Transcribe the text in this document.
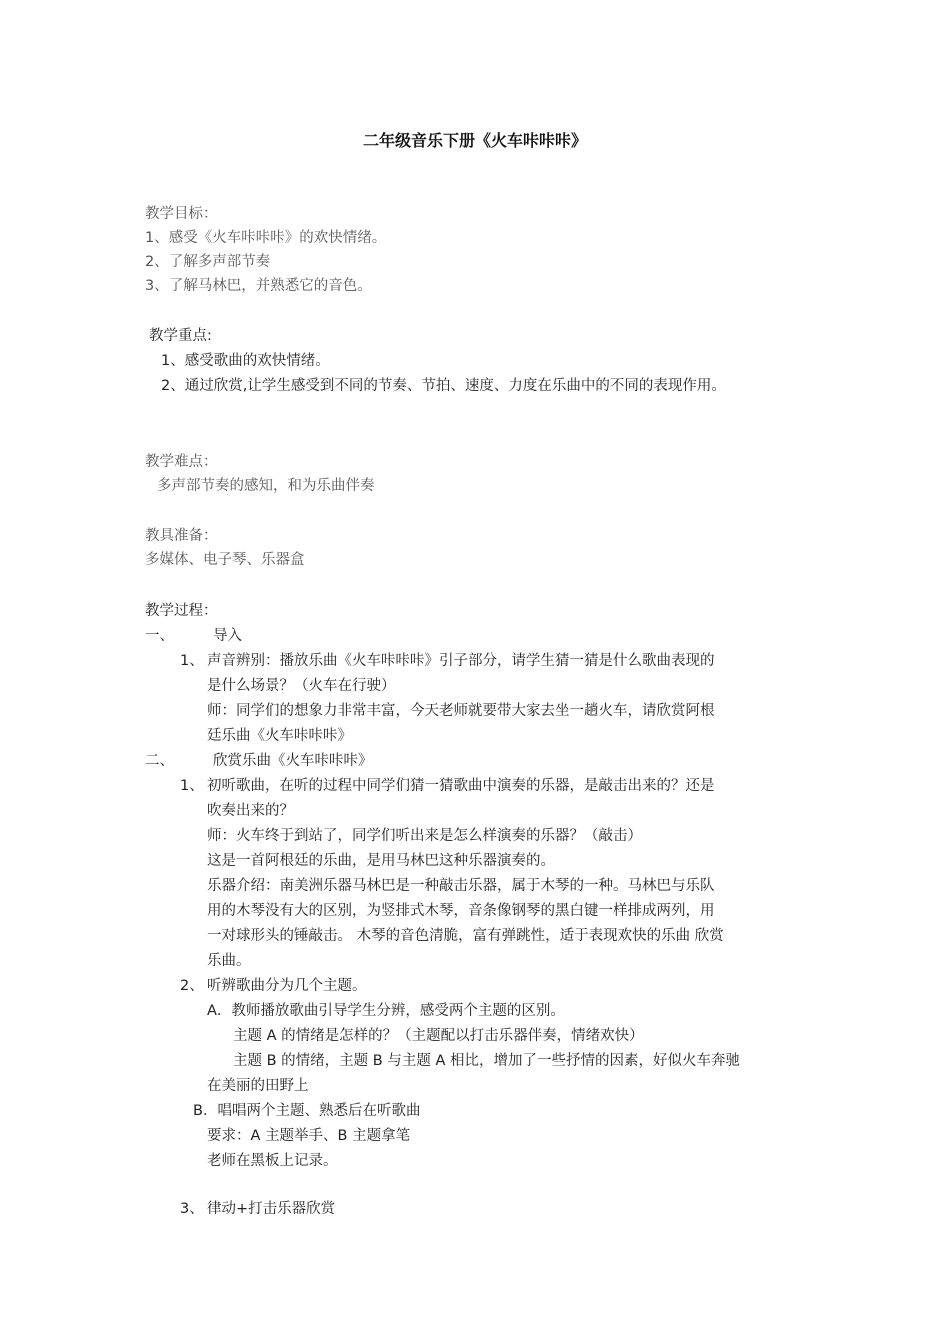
二年级音乐下册《火车咔咔咔》
教学目标：
1、感受《火车咔咔咔》的欢快情绪。
2、了解多声部节奏
3、了解马林巴，并熟悉它的音色。
教学重点:
1、感受歌曲的欢快情绪。
2、通过欣赏,让学生感受到不同的节奏、节拍、速度、力度在乐曲中的不同的表现作用。
教学难点：
多声部节奏的感知，和为乐曲伴奏
教具准备：
多媒体、电子琴、乐器盒
教学过程：
一、	导入
1、 声音辨别：播放乐曲《火车咔咔咔》引子部分，请学生猜一猜是什么歌曲表现的
是什么场景？（火车在行驶）
师：同学们的想象力非常丰富，今天老师就要带大家去坐一趟火车，请欣赏阿根
廷乐曲《火车咔咔咔》
二、	欣赏乐曲《火车咔咔咔》
1、 初听歌曲，在听的过程中同学们猜一猜歌曲中演奏的乐器，是敲击出来的？还是
吹奏出来的？
师：火车终于到站了，同学们听出来是怎么样演奏的乐器？（敲击）
这是一首阿根廷的乐曲，是用马林巴这种乐器演奏的。
乐器介绍：南美洲乐器马林巴是一种敲击乐器，属于木琴的一种。马林巴与乐队
用的木琴没有大的区别，为竖排式木琴，音条像钢琴的黑白键一样排成两列，用
一对球形头的锤敲击。 木琴的音色清脆，富有弹跳性，适于表现欢快的乐曲 欣赏
乐曲。
2、 听辨歌曲分为几个主题。
A．教师播放歌曲引导学生分辨，感受两个主题的区别。
主题 A 的情绪是怎样的？（主题配以打击乐器伴奏，情绪欢快）
主题 B 的情绪，主题 B 与主题 A 相比，增加了一些抒情的因素，好似火车奔驰
在美丽的田野上
B．唱唱两个主题、熟悉后在听歌曲
要求：A 主题举手、B 主题拿笔
老师在黑板上记录。
3、 律动+打击乐器欣赏
